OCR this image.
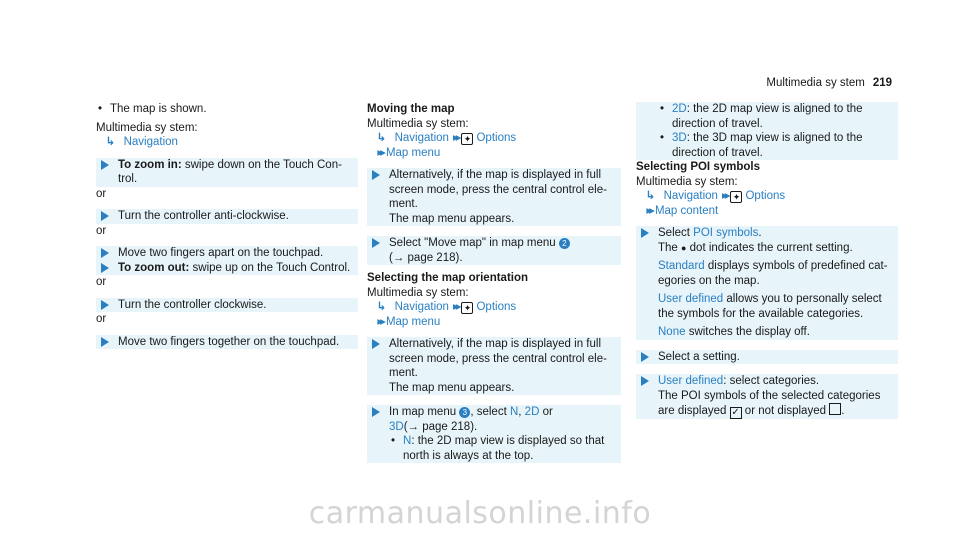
Multimedia sy stem 219
• The map is shown.
Multimedia sy stem:
↳ Navigation
To zoom in: swipe down on the Touch Con-
trol.
or
Turn the controller anti-clockwise.
or
Move two fingers apart on the touchpad.
To zoom out: swipe up on the Touch Control.
or
Turn the controller clockwise.
or
Move two fingers together on the touchpad.
Moving the map
Multimedia sy stem:
↳ Navigation ▸▸ ✦ Options
▸▸ Map menu
Alternatively, if the map is displayed in full
screen mode, press the central control ele-
ment.
The map menu appears.
Select "Move map" in map menu 2
(→ page 218).
Selecting the map orientation
Multimedia sy stem:
↳ Navigation ▸▸ ✦ Options
▸▸ Map menu
Alternatively, if the map is displayed in full
screen mode, press the central control ele-
ment.
The map menu appears.
In map menu 3 , select N, 2D or
3D(→ page 218).
• N: the 2D map view is displayed so that
north is always at the top.
• 2D: the 2D map view is aligned to the
direction of travel.
• 3D: the 3D map view is aligned to the
direction of travel.
Selecting POI symbols
Multimedia sy stem:
↳ Navigation ▸▸ ✦ Options
▸▸ Map content
Select POI symbols.
The ● dot indicates the current setting.
Standard displays symbols of predefined cat-
egories on the map.
User defined allows you to personally select
the symbols for the available categories.
None switches the display off.
Select a setting.
User defined: select categories.
The POI symbols of the selected categories
are displayed ✓ or not displayed .
carmanualsonline.info
